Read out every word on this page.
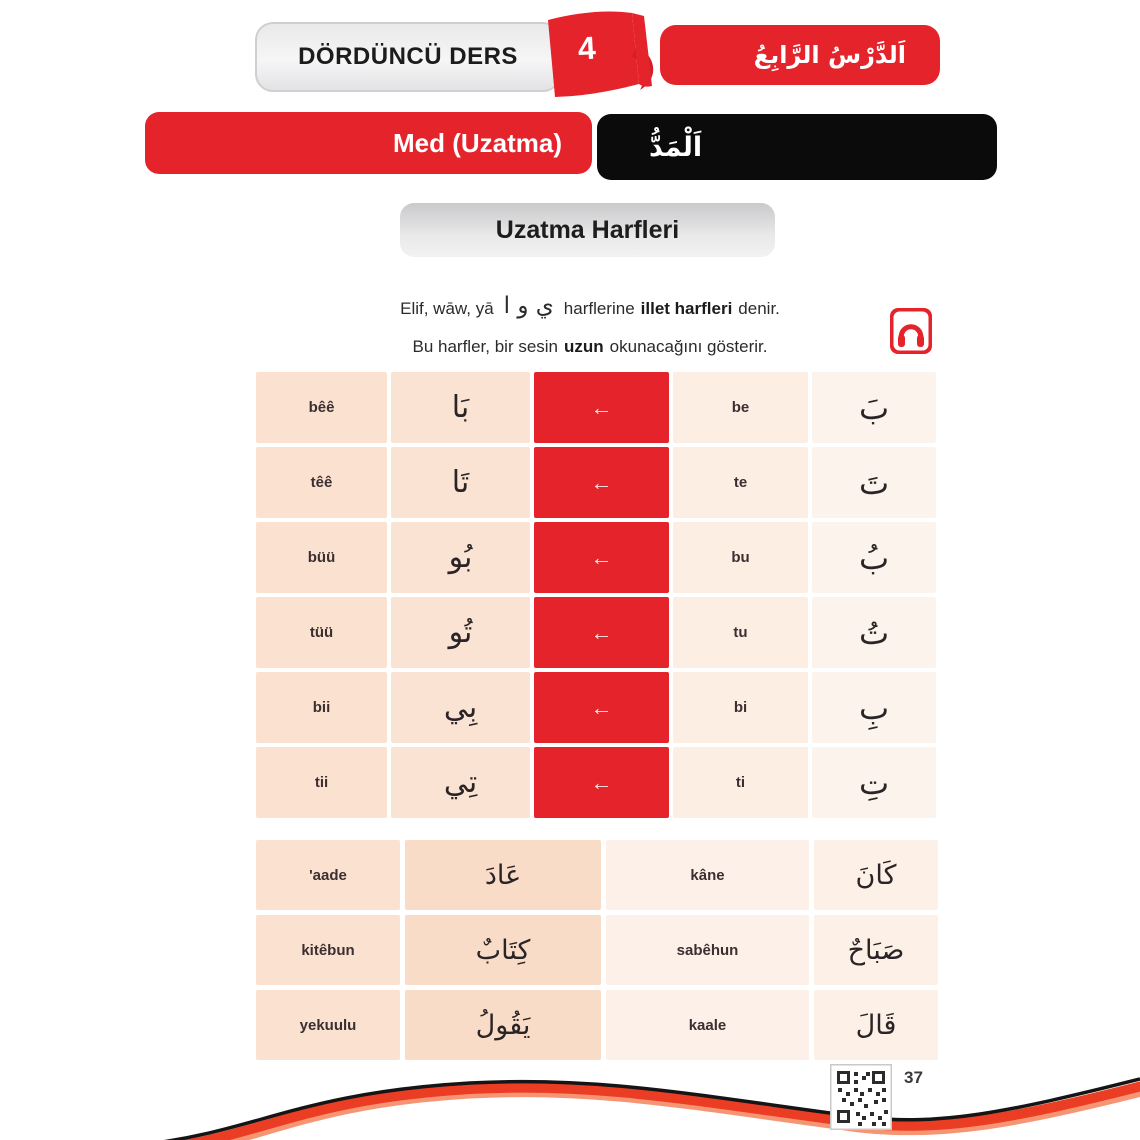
DÖRDÜNCÜ DERS 4	اَلدَّرْسُ الرَّابِعُ
Med (Uzatma)	اَلْمَدُّ
Uzatma Harfleri
Elif, wāw, yā ي و ا harflerine illet harfleri denir.
Bu harfler, bir sesin uzun okunacağını gösterir.
bêê	بَا	←	be	بَ
têê	تَا	←	te	تَ
büü	بُو	←	bu	بُ
tüü	تُو	←	tu	تُ
bii	بِي	←	bi	بِ
tii	تِي	←	ti	تِ
'aade	عَادَ	kâne	كَانَ
kitêbun	كِتَابٌ	sabêhun	صَبَاحٌ
yekuulu	يَقُولُ	kaale	قَالَ
37
